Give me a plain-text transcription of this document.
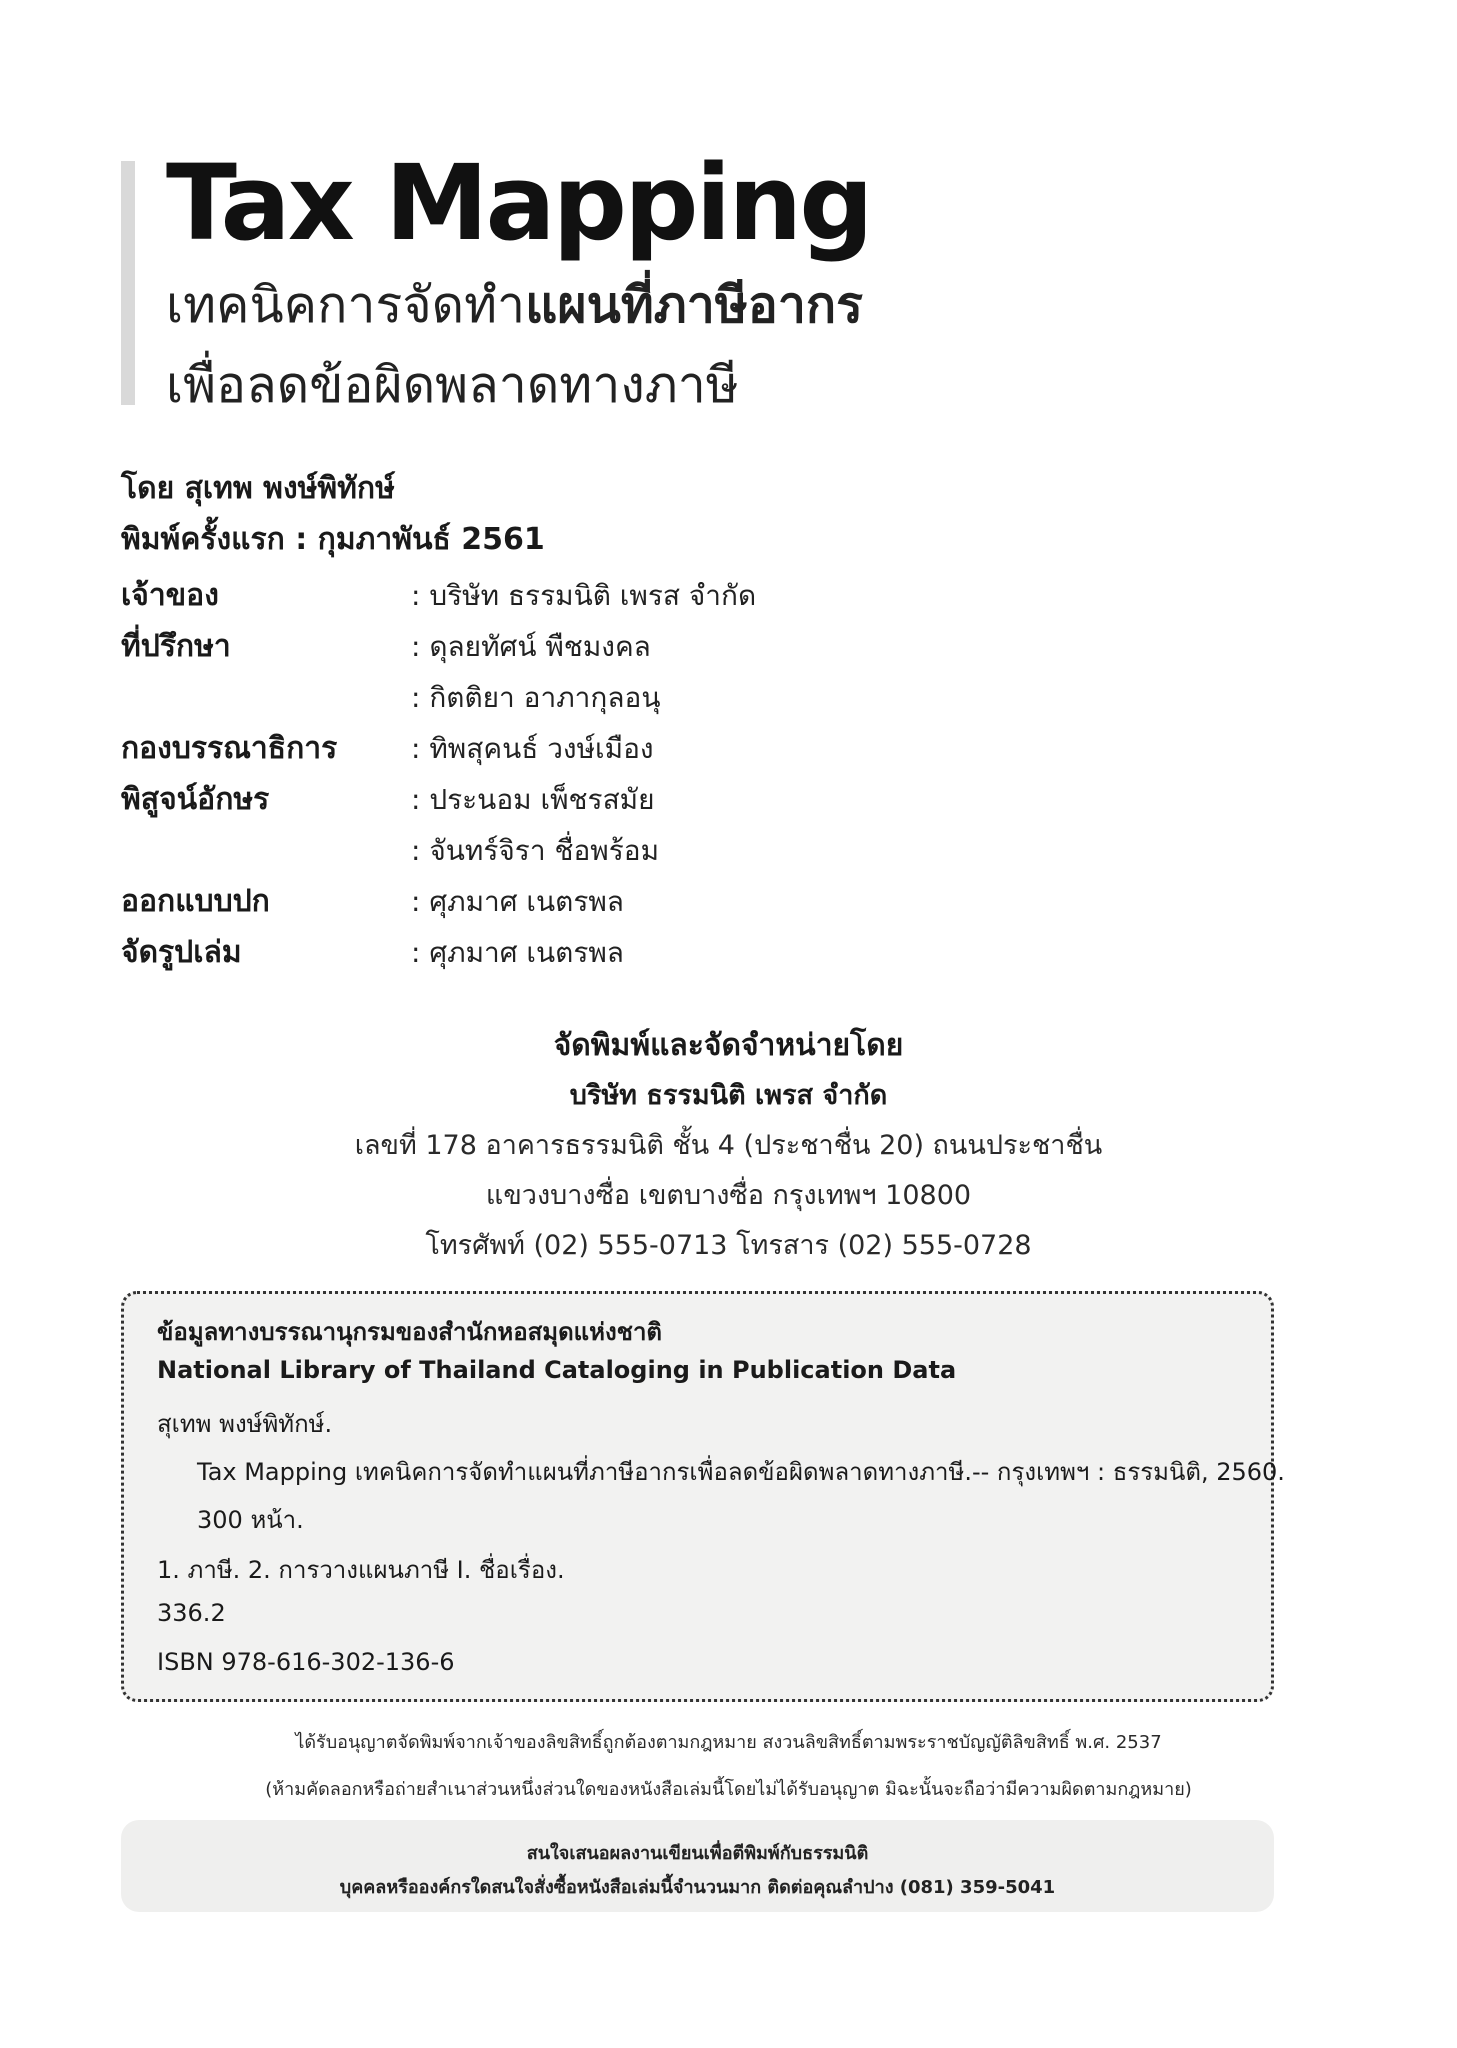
Tax Mapping

เทคนิคการจัดทำแผนที่ภาษีอากร

เพื่อลดข้อผิดพลาดทางภาษี

โดย สุเทพ พงษ์พิทักษ์

พิมพ์ครั้งแรก : กุมภาพันธ์ 2561

เจ้าของ	: บริษัท ธรรมนิติ เพรส จำกัด
ที่ปรึกษา	: ดุลยทัศน์ พืชมงคล
: กิตติยา อาภากุลอนุ
กองบรรณาธิการ	: ทิพสุคนธ์ วงษ์เมือง
พิสูจน์อักษร	: ประนอม เพ็ชรสมัย
: จันทร์จิรา ชื่อพร้อม
ออกแบบปก	: ศุภมาศ เนตรพล
จัดรูปเล่ม	: ศุภมาศ เนตรพล

จัดพิมพ์และจัดจำหน่ายโดย

บริษัท ธรรมนิติ เพรส จำกัด

เลขที่ 178 อาคารธรรมนิติ ชั้น 4 (ประชาชื่น 20) ถนนประชาชื่น

แขวงบางซื่อ เขตบางซื่อ กรุงเทพฯ 10800

โทรศัพท์ (02) 555-0713 โทรสาร (02) 555-0728

ข้อมูลทางบรรณานุกรมของสำนักหอสมุดแห่งชาติ

National Library of Thailand Cataloging in Publication Data

สุเทพ พงษ์พิทักษ์.

Tax Mapping เทคนิคการจัดทำแผนที่ภาษีอากรเพื่อลดข้อผิดพลาดทางภาษี.-- กรุงเทพฯ : ธรรมนิติ, 2560.

300 หน้า.

1. ภาษี. 2. การวางแผนภาษี I. ชื่อเรื่อง.

336.2

ISBN 978-616-302-136-6

ได้รับอนุญาตจัดพิมพ์จากเจ้าของลิขสิทธิ์ถูกต้องตามกฎหมาย สงวนลิขสิทธิ์ตามพระราชบัญญัติลิขสิทธิ์ พ.ศ. 2537

(ห้ามคัดลอกหรือถ่ายสำเนาส่วนหนึ่งส่วนใดของหนังสือเล่มนี้โดยไม่ได้รับอนุญาต มิฉะนั้นจะถือว่ามีความผิดตามกฎหมาย)

สนใจเสนอผลงานเขียนเพื่อตีพิมพ์กับธรรมนิติ

บุคคลหรือองค์กรใดสนใจสั่งซื้อหนังสือเล่มนี้จำนวนมาก ติดต่อคุณลำปาง (081) 359-5041
